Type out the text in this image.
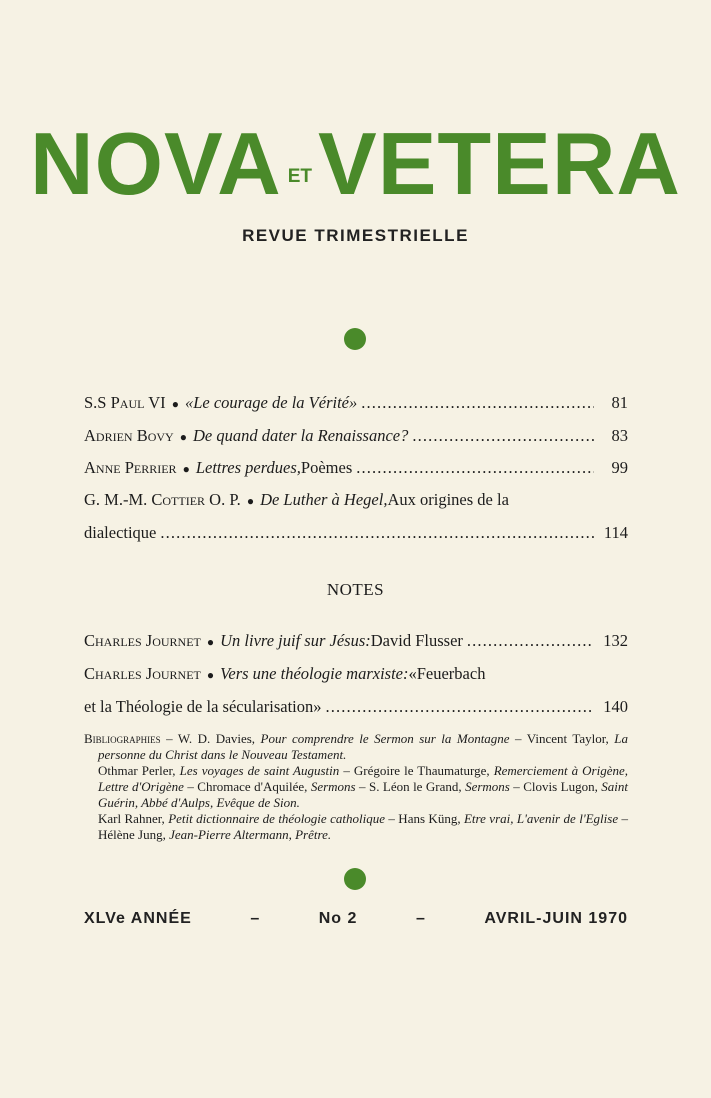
NOVA ET VETERA
REVUE TRIMESTRIELLE
S.S Paul VI ● «Le courage de la Vérité» . . .	81
Adrien Bovy ● De quand dater la Renaissance? . . .	83
Anne Perrier ● Lettres perdues, Poèmes . . .	99
G. M.-M. Cottier O. P. ● De Luther à Hegel, Aux origines de la
dialectique . . .	114
NOTES
Charles Journet ● Un livre juif sur Jésus: David Flusser . . .	132
Charles Journet ● Vers une théologie marxiste: «Feuerbach
et la Théologie de la sécularisation» . . .	140

Bibliographies – W. D. Davies, Pour comprendre le Sermon sur la Montagne – Vincent Taylor, La personne du Christ dans le Nouveau Testament.

Othmar Perler, Les voyages de saint Augustin – Grégoire le Thaumaturge, Remerciement à Origène, Lettre d'Origène – Chromace d'Aquilée, Sermons – S. Léon le Grand, Sermons – Clovis Lugon, Saint Guérin, Abbé d'Aulps, Evêque de Sion.

Karl Rahner, Petit dictionnaire de théologie catholique – Hans Küng, Etre vrai, L'avenir de l'Eglise – Hélène Jung, Jean-Pierre Altermann, Prêtre.

XLVe ANNÉE	–	No 2	–	AVRIL-JUIN 1970
